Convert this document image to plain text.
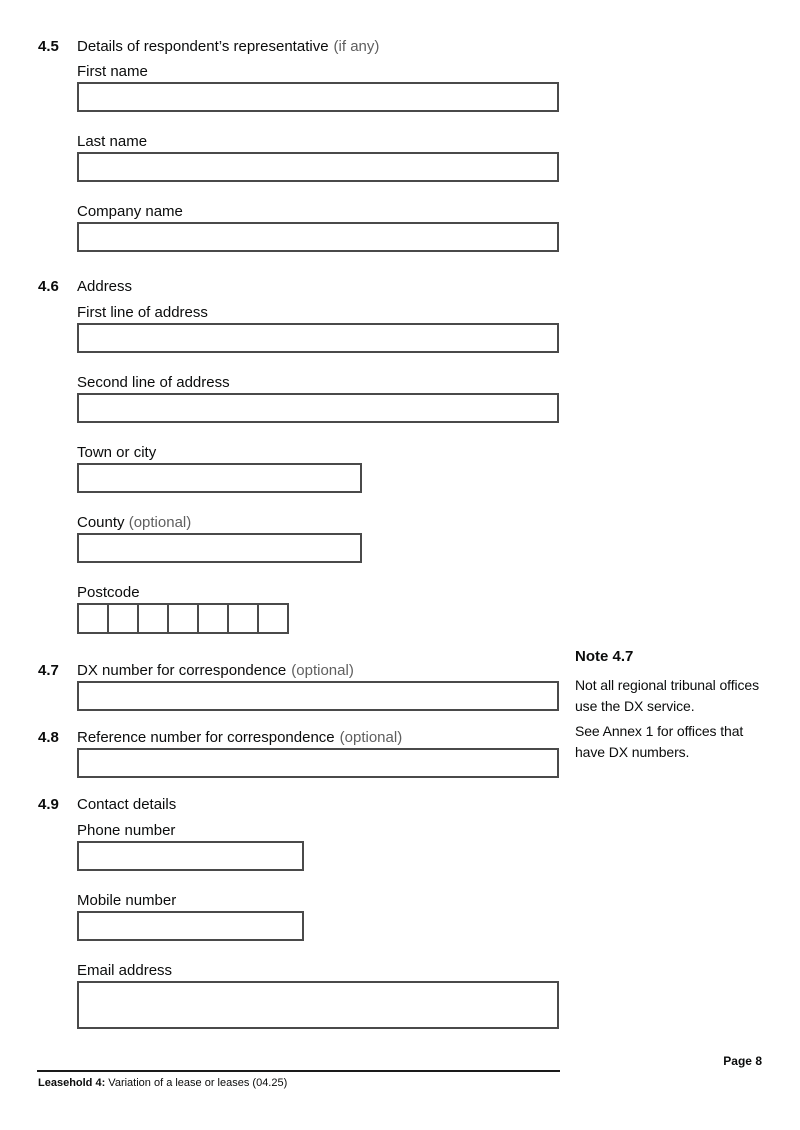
4.5	Details of respondent’s representative (if any)
First name
Last name
Company name
4.6	Address
First line of address
Second line of address
Town or city
County (optional)
Postcode
4.7	DX number for correspondence (optional)
4.8	Reference number for correspondence (optional)
4.9	Contact details
Phone number
Mobile number
Email address
Note 4.7

Not all regional tribunal offices use the DX service.

See Annex 1 for offices that have DX numbers.

Page 8
Leasehold 4: Variation of a lease or leases (04.25)
